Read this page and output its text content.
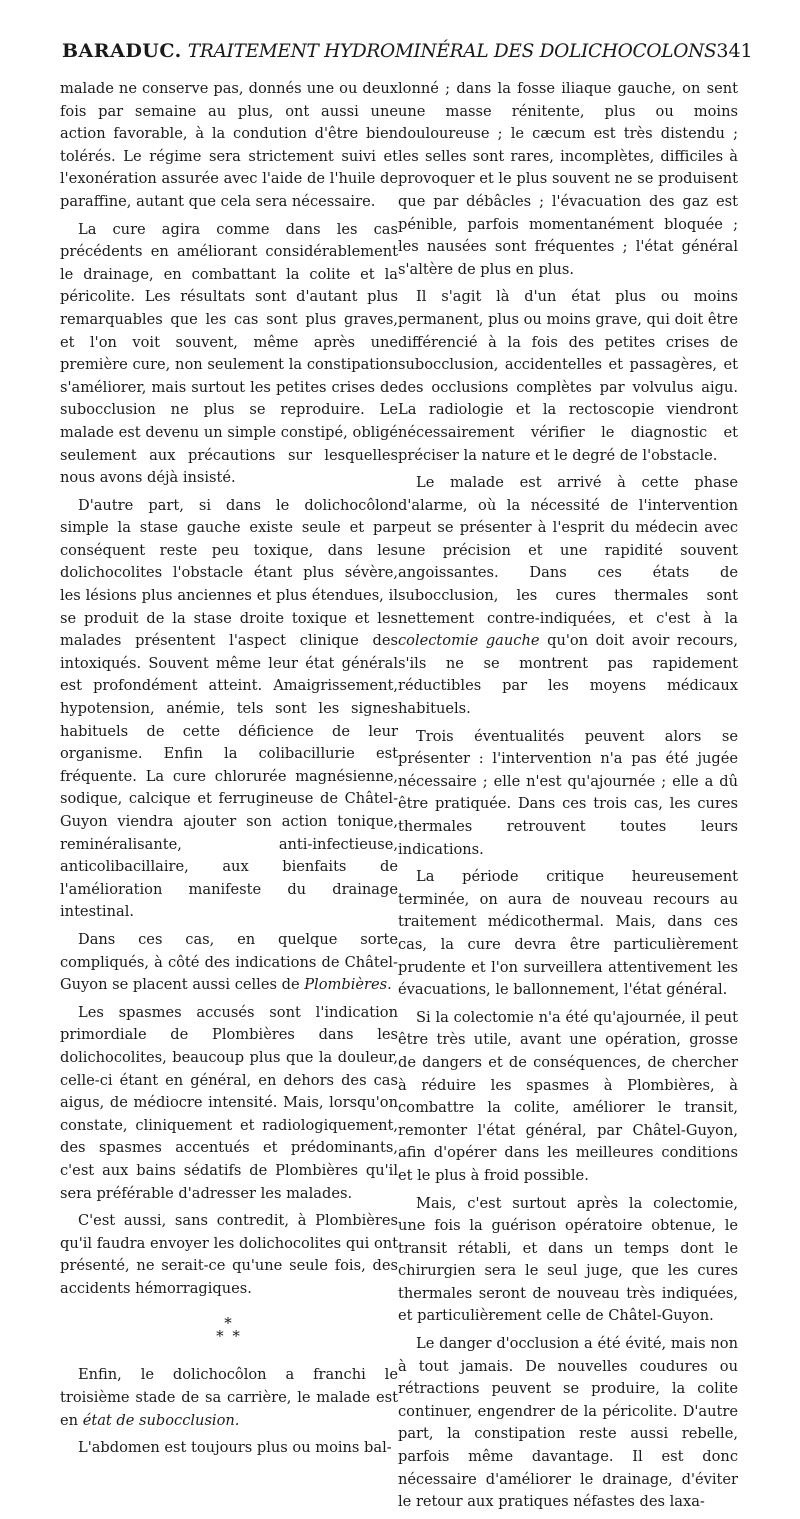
BARADUC. TRAITEMENT HYDROMINÉRAL DES DOLICHOCOLONS 341

malade ne conserve pas, donnés une ou deux fois par semaine au plus, ont aussi une action favorable, à la condution d'être bien tolérés. Le régime sera strictement suivi et l'exonération assurée avec l'aide de l'huile de paraffine, autant que cela sera nécessaire.

La cure agira comme dans les cas précédents en améliorant considérablement le drainage, en combattant la colite et la péricolite. Les résultats sont d'autant plus remarquables que les cas sont plus graves, et l'on voit souvent, même après une première cure, non seulement la constipation s'améliorer, mais surtout les petites crises de subocclusion ne plus se reproduire. Le malade est devenu un simple constipé, obligé seulement aux précautions sur lesquelles nous avons déjà insisté.

D'autre part, si dans le dolichocôlon simple la stase gauche existe seule et par conséquent reste peu toxique, dans les dolichocolites l'obstacle étant plus sévère, les lésions plus anciennes et plus étendues, il se produit de la stase droite toxique et les malades présentent l'aspect clinique des intoxiqués. Souvent même leur état général est profondément atteint. Amaigrissement, hypotension, anémie, tels sont les signes habituels de cette déficience de leur organisme. Enfin la colibacillurie est fréquente. La cure chlorurée magnésienne, sodique, calcique et ferrugineuse de Châtel-Guyon viendra ajouter son action tonique, reminéralisante, anti-infectieuse, anticolibacillaire, aux bienfaits de l'amélioration manifeste du drainage intestinal.

Dans ces cas, en quelque sorte compliqués, à côté des indications de Châtel-Guyon se placent aussi celles de Plombières.

Les spasmes accusés sont l'indication primordiale de Plombières dans les dolichocolites, beaucoup plus que la douleur, celle-ci étant en général, en dehors des cas aigus, de médiocre intensité. Mais, lorsqu'on constate, cliniquement et radiologiquement, des spasmes accentués et prédominants, c'est aux bains sédatifs de Plombières qu'il sera préférable d'adresser les malades.

C'est aussi, sans contredit, à Plombières qu'il faudra envoyer les dolichocolites qui ont présenté, ne serait-ce qu'une seule fois, des accidents hémorragiques.

*
* *

Enfin, le dolichocôlon a franchi le troisième stade de sa carrière, le malade est en état de subocclusion.

L'abdomen est toujours plus ou moins bal-

lonné ; dans la fosse iliaque gauche, on sent une masse rénitente, plus ou moins douloureuse ; le cæcum est très distendu ; les selles sont rares, incomplètes, difficiles à provoquer et le plus souvent ne se produisent que par débâcles ; l'évacuation des gaz est pénible, parfois momentanément bloquée ; les nausées sont fréquentes ; l'état général s'altère de plus en plus.

Il s'agit là d'un état plus ou moins permanent, plus ou moins grave, qui doit être différencié à la fois des petites crises de subocclusion, accidentelles et passagères, et des occlusions complètes par volvulus aigu. La radiologie et la rectoscopie viendront nécessairement vérifier le diagnostic et préciser la nature et le degré de l'obstacle.

Le malade est arrivé à cette phase d'alarme, où la nécessité de l'intervention peut se présenter à l'esprit du médecin avec une précision et une rapidité souvent angoissantes. Dans ces états de subocclusion, les cures thermales sont nettement contre-indiquées, et c'est à la colectomie gauche qu'on doit avoir recours, s'ils ne se montrent pas rapidement réductibles par les moyens médicaux habituels.

Trois éventualités peuvent alors se présenter : l'intervention n'a pas été jugée nécessaire ; elle n'est qu'ajournée ; elle a dû être pratiquée. Dans ces trois cas, les cures thermales retrouvent toutes leurs indications.

La période critique heureusement terminée, on aura de nouveau recours au traitement médicothermal. Mais, dans ces cas, la cure devra être particulièrement prudente et l'on surveillera attentivement les évacuations, le ballonnement, l'état général.

Si la colectomie n'a été qu'ajournée, il peut être très utile, avant une opération, grosse de dangers et de conséquences, de chercher à réduire les spasmes à Plombières, à combattre la colite, améliorer le transit, remonter l'état général, par Châtel-Guyon, afin d'opérer dans les meilleures conditions et le plus à froid possible.

Mais, c'est surtout après la colectomie, une fois la guérison opératoire obtenue, le transit rétabli, et dans un temps dont le chirurgien sera le seul juge, que les cures thermales seront de nouveau très indiquées, et particulièrement celle de Châtel-Guyon.

Le danger d'occlusion a été évité, mais non à tout jamais. De nouvelles coudures ou rétractions peuvent se produire, la colite continuer, engendrer de la péricolite. D'autre part, la constipation reste aussi rebelle, parfois même davantage. Il est donc nécessaire d'améliorer le drainage, d'éviter le retour aux pratiques néfastes des laxa-
